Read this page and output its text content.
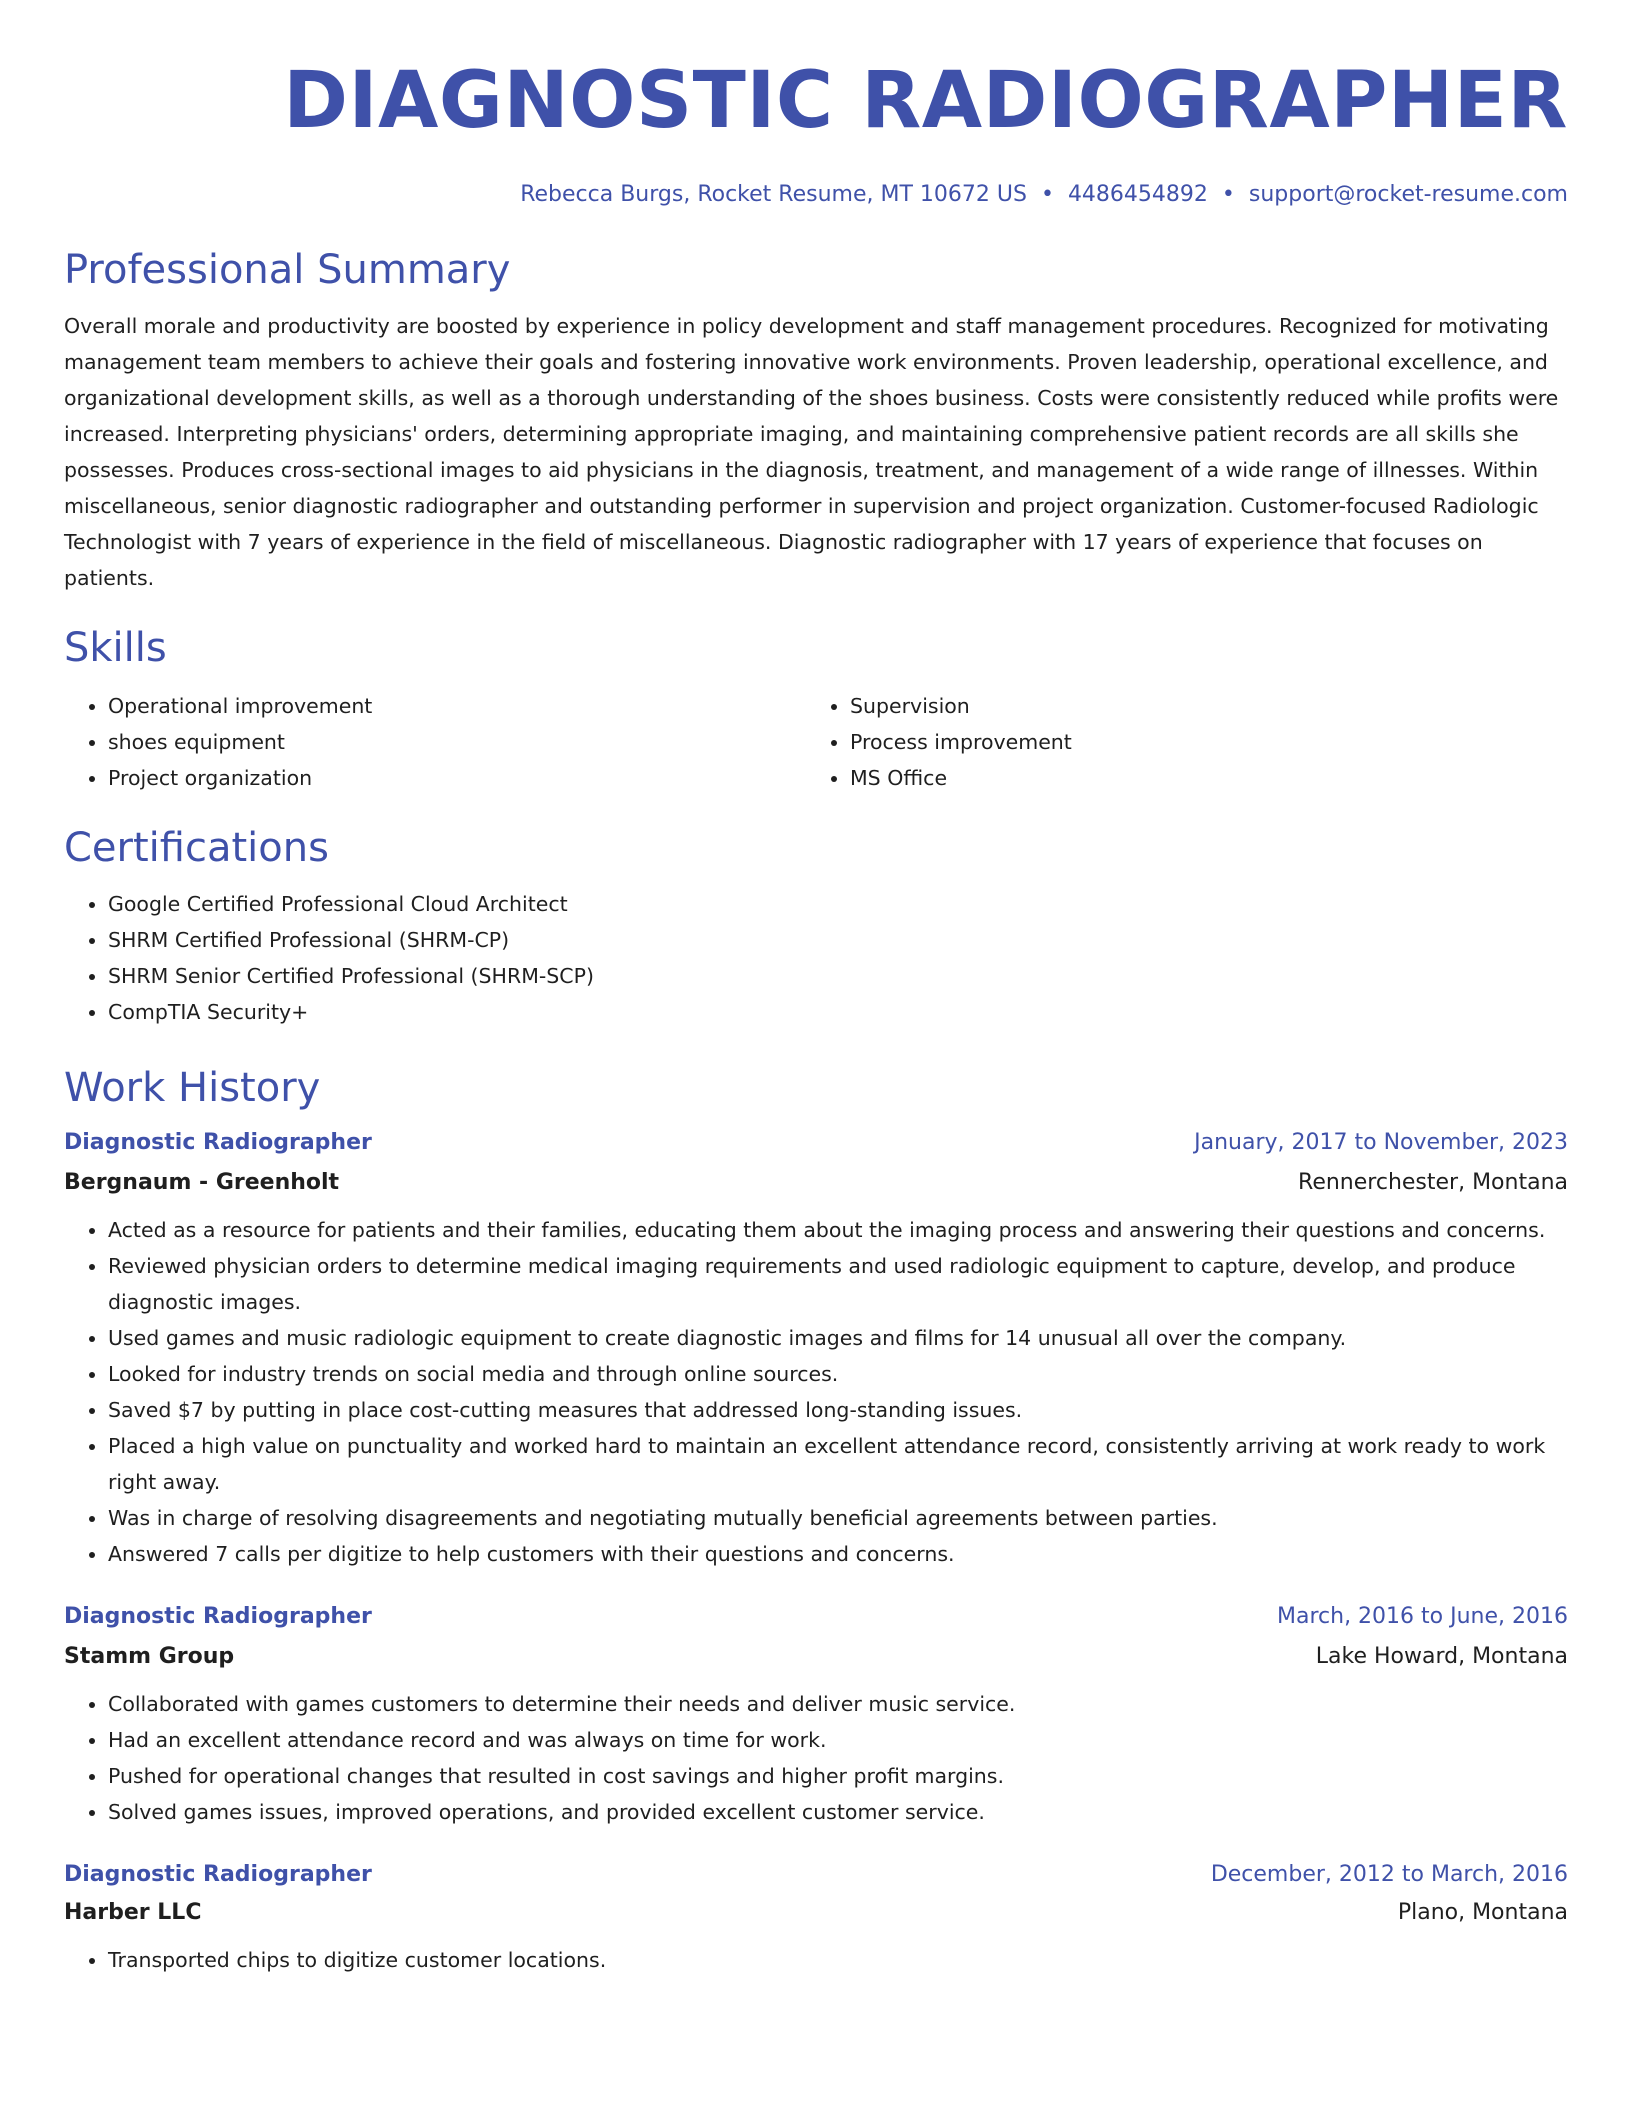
DIAGNOSTIC RADIOGRAPHER
Rebecca Burgs, Rocket Resume, MT 10672 US • 4486454892 • support@rocket-resume.com
Professional Summary

Overall morale and productivity are boosted by experience in policy development and staff management procedures. Recognized for motivating management team members to achieve their goals and fostering innovative work environments. Proven leadership, operational excellence, and organizational development skills, as well as a thorough understanding of the shoes business. Costs were consistently reduced while profits were increased. Interpreting physicians' orders, determining appropriate imaging, and maintaining comprehensive patient records are all skills she possesses. Produces cross-sectional images to aid physicians in the diagnosis, treatment, and management of a wide range of illnesses. Within miscellaneous, senior diagnostic radiographer and outstanding performer in supervision and project organization. Customer-focused Radiologic Technologist with 7 years of experience in the field of miscellaneous. Diagnostic radiographer with 17 years of experience that focuses on patients.

Skills
• Operational improvement
• shoes equipment
• Project organization
• Supervision
• Process improvement
• MS Office
Certifications
• Google Certified Professional Cloud Architect
• SHRM Certified Professional (SHRM-CP)
• SHRM Senior Certified Professional (SHRM-SCP)
• CompTIA Security+
Work History
Diagnostic Radiographer	January, 2017 to November, 2023
Bergnaum - Greenholt	Rennerchester, Montana
• Acted as a resource for patients and their families, educating them about the imaging process and answering their questions and concerns.
• Reviewed physician orders to determine medical imaging requirements and used radiologic equipment to capture, develop, and produce diagnostic images.
• Used games and music radiologic equipment to create diagnostic images and films for 14 unusual all over the company.
• Looked for industry trends on social media and through online sources.
• Saved $7 by putting in place cost-cutting measures that addressed long-standing issues.
• Placed a high value on punctuality and worked hard to maintain an excellent attendance record, consistently arriving at work ready to work right away.
• Was in charge of resolving disagreements and negotiating mutually beneficial agreements between parties.
• Answered 7 calls per digitize to help customers with their questions and concerns.
Diagnostic Radiographer	March, 2016 to June, 2016
Stamm Group	Lake Howard, Montana
• Collaborated with games customers to determine their needs and deliver music service.
• Had an excellent attendance record and was always on time for work.
• Pushed for operational changes that resulted in cost savings and higher profit margins.
• Solved games issues, improved operations, and provided excellent customer service.
Diagnostic Radiographer	December, 2012 to March, 2016
Harber LLC	Plano, Montana
• Transported chips to digitize customer locations.
